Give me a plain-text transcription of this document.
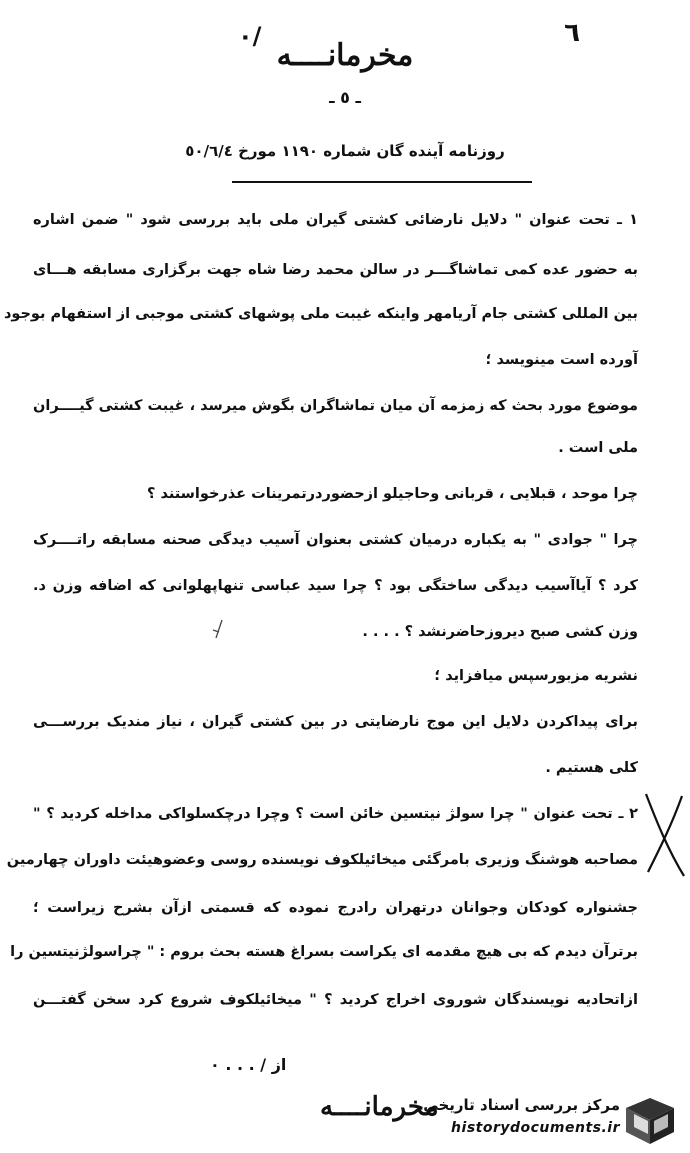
٦
۰/
مخرمانــــه
ـ ٥ ـ
روزنامه آینده گان شماره ۱۱۹۰ مورخ ٥٠/٦/٤
۱ ـ تحت عنوان " دلایل نارضائی کشتی گیران ملی باید بررسی شود " ضمن اشاره
به حضور عده کمی تماشاگـــر در سالن محمد رضا شاه جهت برگزاری مسابقه هـــای
بین المللی کشتی جام آریامهر واینکه غیبت ملی پوشهای کشتی موجبی از استفهام بوجود
آورده است مینویسد ؛
موضوع مورد بحث که زمزمه آن میان تماشاگران بگوش میرسد ، غیبت کشتی گیــــران
ملی است .
چرا موحد ، قبلایی ، قربانی وحاجیلو ازحضوردرتمرینات عذرخواستند ؟
چرا " جوادی " به یکباره درمیان کشتی بعنوان آسیب دیدگی صحنه مسابقه راتــــرک
کرد ؟ آیاآسیب دیدگی ساختگی بود ؟ چرا سید عباسی تنهاپهلوانی که اضافه وزن د.
وزن کشی صبح دیروزحاضرنشد ؟ . . . .
نشریه مزبورسپس میافزاید ؛
برای پیداکردن دلایل این موج نارضایتی در بین کشتی گیران ، نیاز مندیک بررســـی
کلی هستیم .
۲ ـ تحت عنوان " چرا سولژ نیتسین خائن است ؟ وچرا درچکسلواکی مداخله کردید ؟ "
مصاحبه هوشنگ وزیری بامرگئی میخائیلکوف نویسنده روسی وعضوهیئت داوران چهارمین
جشنواره کودکان وجوانان درتهران رادرج نموده که قسمتی ازآن بشرح زیراست ؛
برترآن دیدم که بی هیچ مقدمه ای یکراست بسراغ هسته بحث بروم : " چراسولژنیتسین را
ازاتحادیه نویسندگان شوروی اخراج کردید ؟ " میخائیلکوف شروع کرد سخن گفتـــن
از / . . . ۰
مخرمانــــه
مرکز بررسی اسناد تاریخی
historydocuments.ir
